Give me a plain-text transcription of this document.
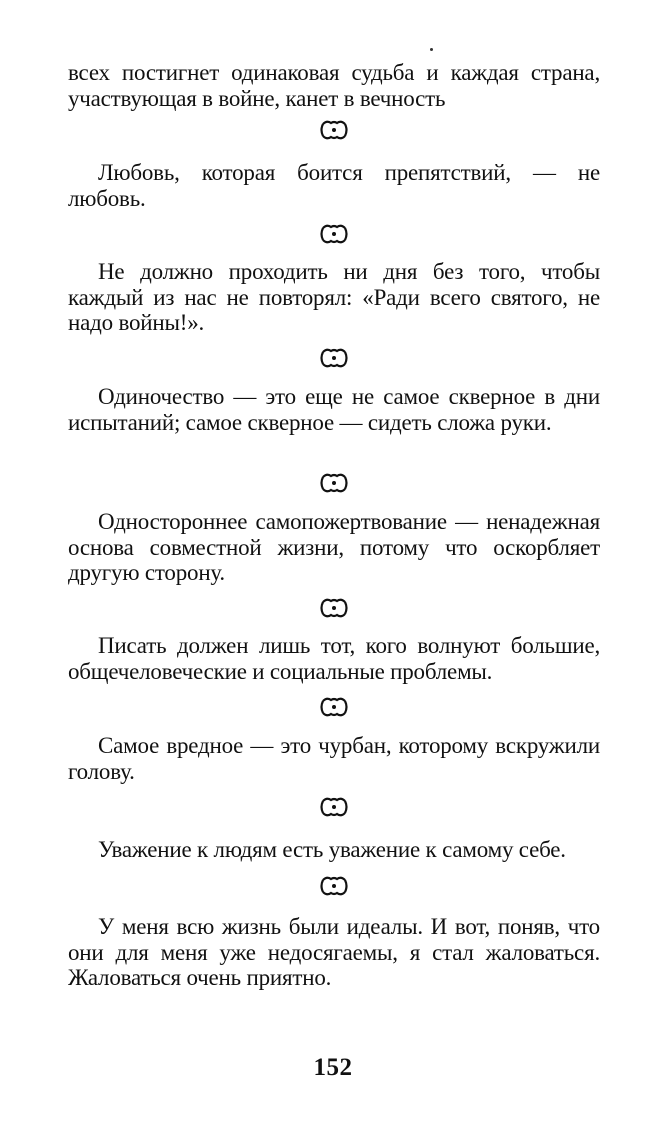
всех постигнет одинаковая судьба и каждая страна, участвующая в войне, канет в вечность

Любовь, которая боится препятствий, — не любовь.

Не должно проходить ни дня без того, чтобы каждый из нас не повторял: «Ради всего святого, не надо войны!».

Одиночество — это еще не самое скверное в дни испытаний; самое скверное — сидеть сложа руки.

Одностороннее самопожертвование — ненадежная основа совместной жизни, потому что оскорбляет другую сторону.

Писать должен лишь тот, кого волнуют большие, общечеловеческие и социальные проблемы.

Самое вредное — это чурбан, которому вскружили голову.

Уважение к людям есть уважение к самому себе.

У меня всю жизнь были идеалы. И вот, поняв, что они для меня уже недосягаемы, я стал жаловаться. Жаловаться очень приятно.

152
